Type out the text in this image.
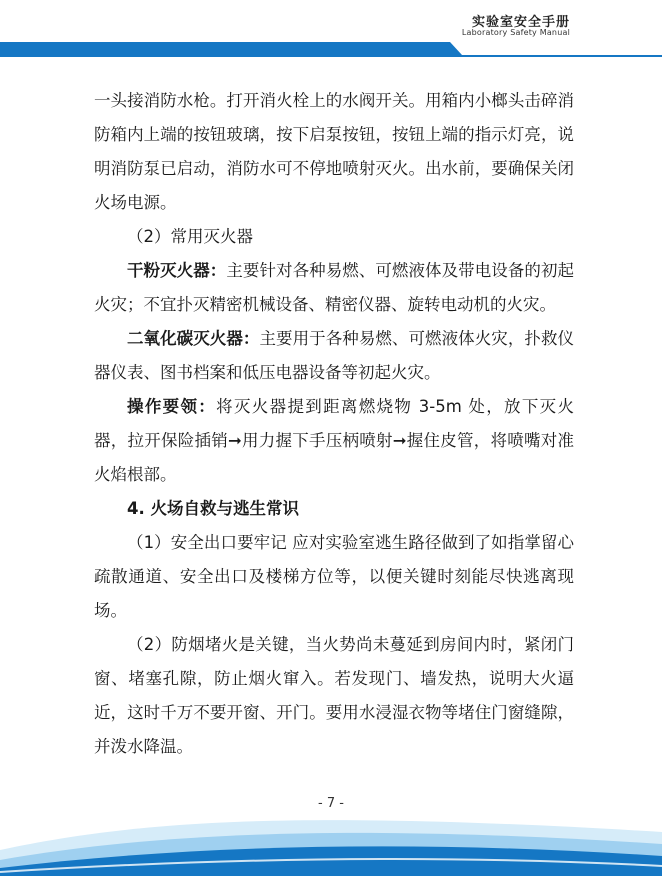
实验室安全手册
Laboratory Safety Manual

一头接消防水枪。打开消火栓上的水阀开关。用箱内小榔头击碎消防箱内上端的按钮玻璃，按下启泵按钮，按钮上端的指示灯亮，说明消防泵已启动，消防水可不停地喷射灭火。出水前，要确保关闭火场电源。

（2）常用灭火器

干粉灭火器：主要针对各种易燃、可燃液体及带电设备的初起火灾；不宜扑灭精密机械设备、精密仪器、旋转电动机的火灾。

二氧化碳灭火器：主要用于各种易燃、可燃液体火灾，扑救仪器仪表、图书档案和低压电器设备等初起火灾。

操作要领：将灭火器提到距离燃烧物 3-5m 处，放下灭火器，拉开保险插销➞用力握下手压柄喷射➞握住皮管，将喷嘴对准火焰根部。

4. 火场自救与逃生常识

（1）安全出口要牢记 应对实验室逃生路径做到了如指掌留心疏散通道、安全出口及楼梯方位等，以便关键时刻能尽快逃离现场。

（2）防烟堵火是关键，当火势尚未蔓延到房间内时，紧闭门窗、堵塞孔隙，防止烟火窜入。若发现门、墙发热，说明大火逼近，这时千万不要开窗、开门。要用水浸湿衣物等堵住门窗缝隙，并泼水降温。

- 7 -
